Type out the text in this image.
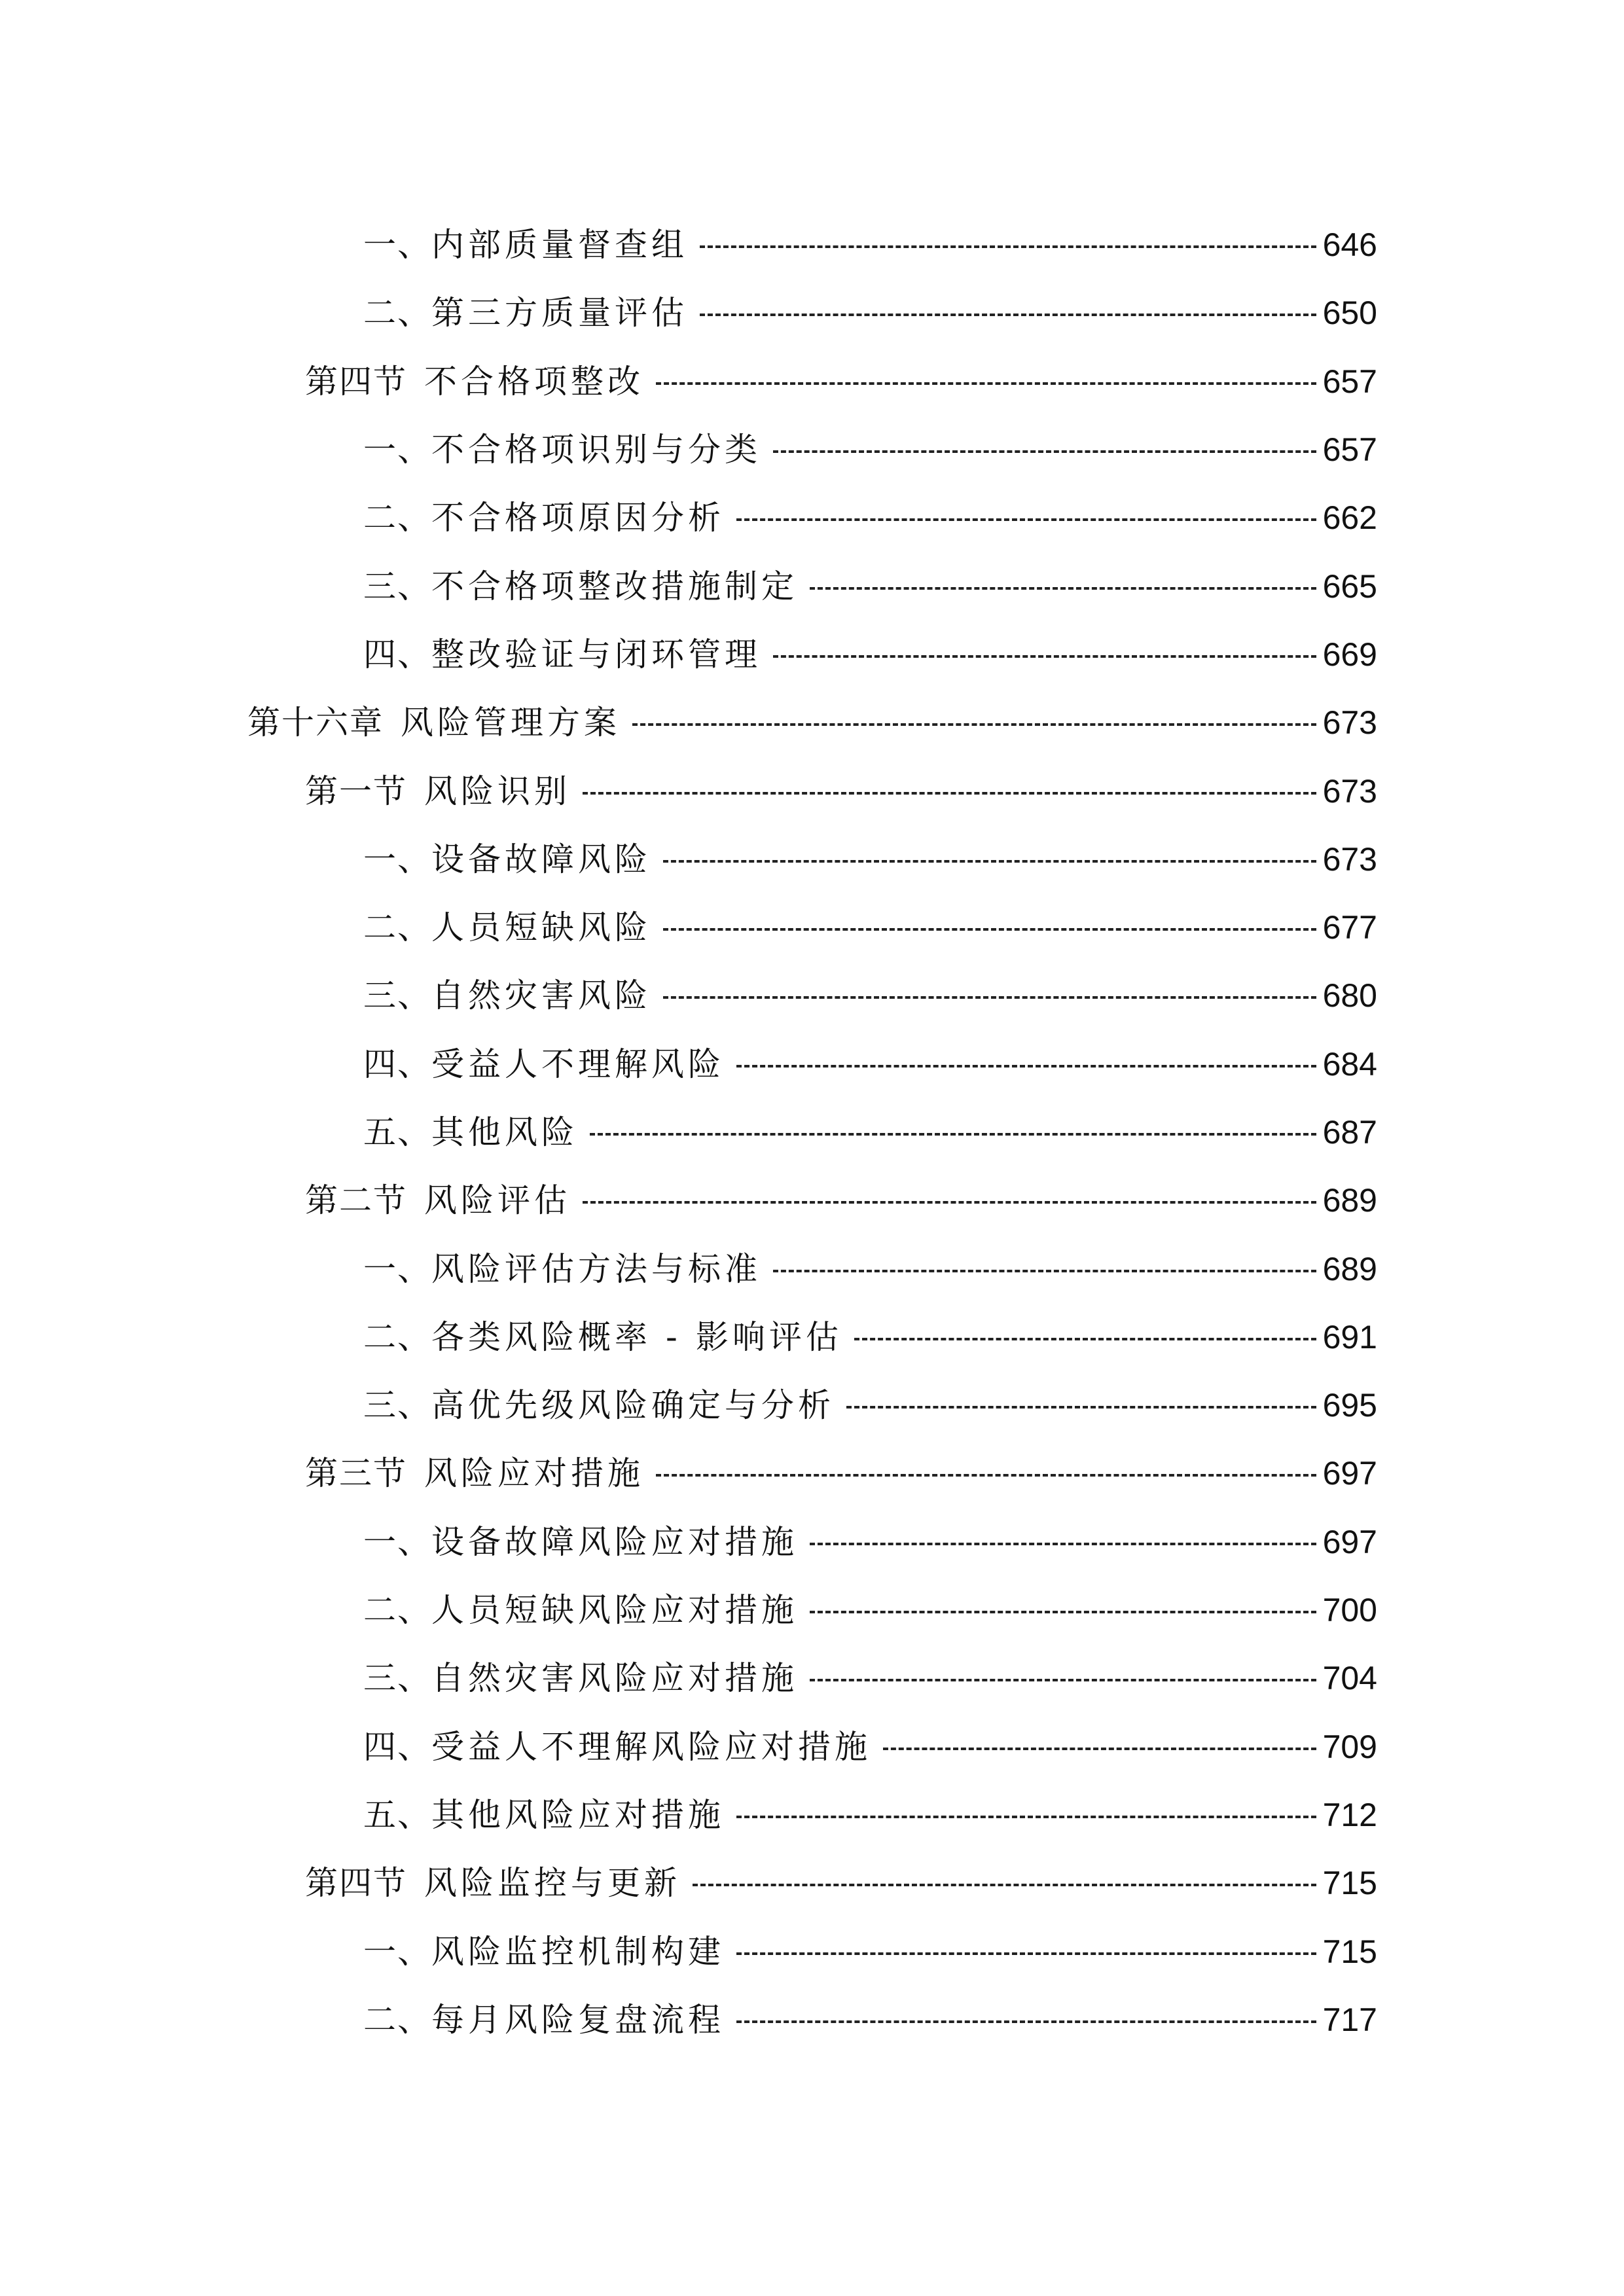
一、内部质量督查组	646
二、第三方质量评估	650
第四节 不合格项整改	657
一、不合格项识别与分类	657
二、不合格项原因分析	662
三、不合格项整改措施制定	665
四、整改验证与闭环管理	669
第十六章 风险管理方案	673
第一节 风险识别	673
一、设备故障风险	673
二、人员短缺风险	677
三、自然灾害风险	680
四、受益人不理解风险	684
五、其他风险	687
第二节 风险评估	689
一、风险评估方法与标准	689
二、各类风险概率 - 影响评估	691
三、高优先级风险确定与分析	695
第三节 风险应对措施	697
一、设备故障风险应对措施	697
二、人员短缺风险应对措施	700
三、自然灾害风险应对措施	704
四、受益人不理解风险应对措施	709
五、其他风险应对措施	712
第四节 风险监控与更新	715
一、风险监控机制构建	715
二、每月风险复盘流程	717
